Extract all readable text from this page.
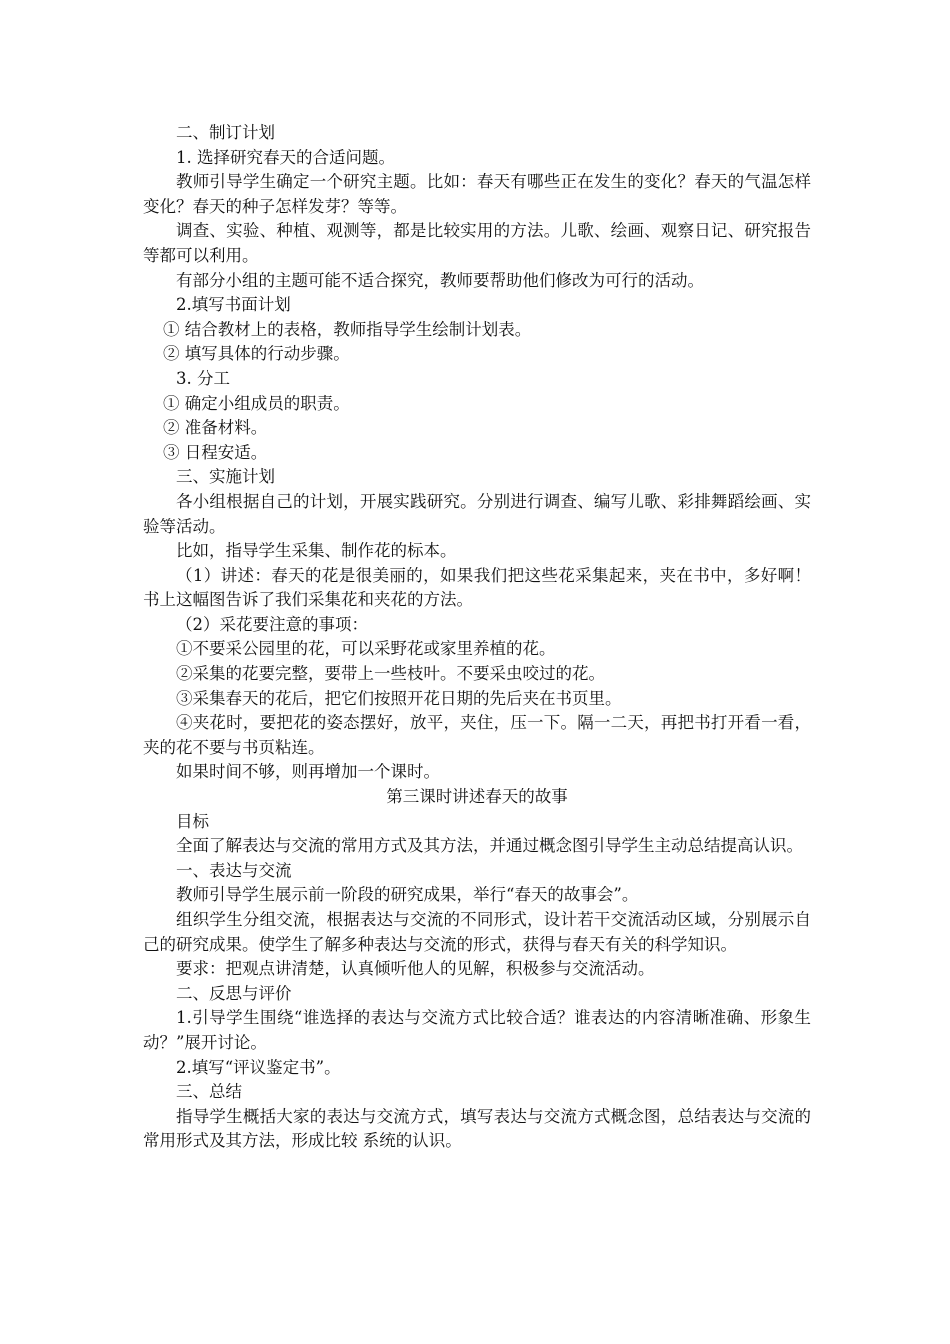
二、制订计划

1. 选择研究春天的合适问题。

教师引导学生确定一个研究主题。比如：春天有哪些正在发生的变化？春天的气温怎样变化？春天的种子怎样发芽？等等。

调查、实验、种植、观测等，都是比较实用的方法。儿歌、绘画、观察日记、研究报告等都可以利用。

有部分小组的主题可能不适合探究，教师要帮助他们修改为可行的活动。

2.填写书面计划

① 结合教材上的表格，教师指导学生绘制计划表。

② 填写具体的行动步骤。

3. 分工

① 确定小组成员的职责。

② 准备材料。

③ 日程安适。

三、实施计划

各小组根据自己的计划，开展实践研究。分别进行调查、编写儿歌、彩排舞蹈绘画、实验等活动。

比如，指导学生采集、制作花的标本。

（1）讲述：春天的花是很美丽的，如果我们把这些花采集起来，夹在书中，多好啊！书上这幅图告诉了我们采集花和夹花的方法。

（2）采花要注意的事项：

①不要采公园里的花，可以采野花或家里养植的花。

②采集的花要完整，要带上一些枝叶。不要采虫咬过的花。

③采集春天的花后，把它们按照开花日期的先后夹在书页里。

④夹花时，要把花的姿态摆好，放平，夹住，压一下。隔一二天，再把书打开看一看，夹的花不要与书页粘连。

如果时间不够，则再增加一个课时。

第三课时讲述春天的故事

目标

全面了解表达与交流的常用方式及其方法，并通过概念图引导学生主动总结提高认识。

一、表达与交流

教师引导学生展示前一阶段的研究成果，举行“春天的故事会”。

组织学生分组交流，根据表达与交流的不同形式，设计若干交流活动区域，分别展示自己的研究成果。使学生了解多种表达与交流的形式，获得与春天有关的科学知识。

要求：把观点讲清楚，认真倾听他人的见解，积极参与交流活动。

二、反思与评价

1.引导学生围绕“谁选择的表达与交流方式比较合适？谁表达的内容清晰准确、形象生动？”展开讨论。

2.填写“评议鉴定书”。

三、总结

指导学生概括大家的表达与交流方式，填写表达与交流方式概念图，总结表达与交流的常用形式及其方法，形成比较 系统的认识。
